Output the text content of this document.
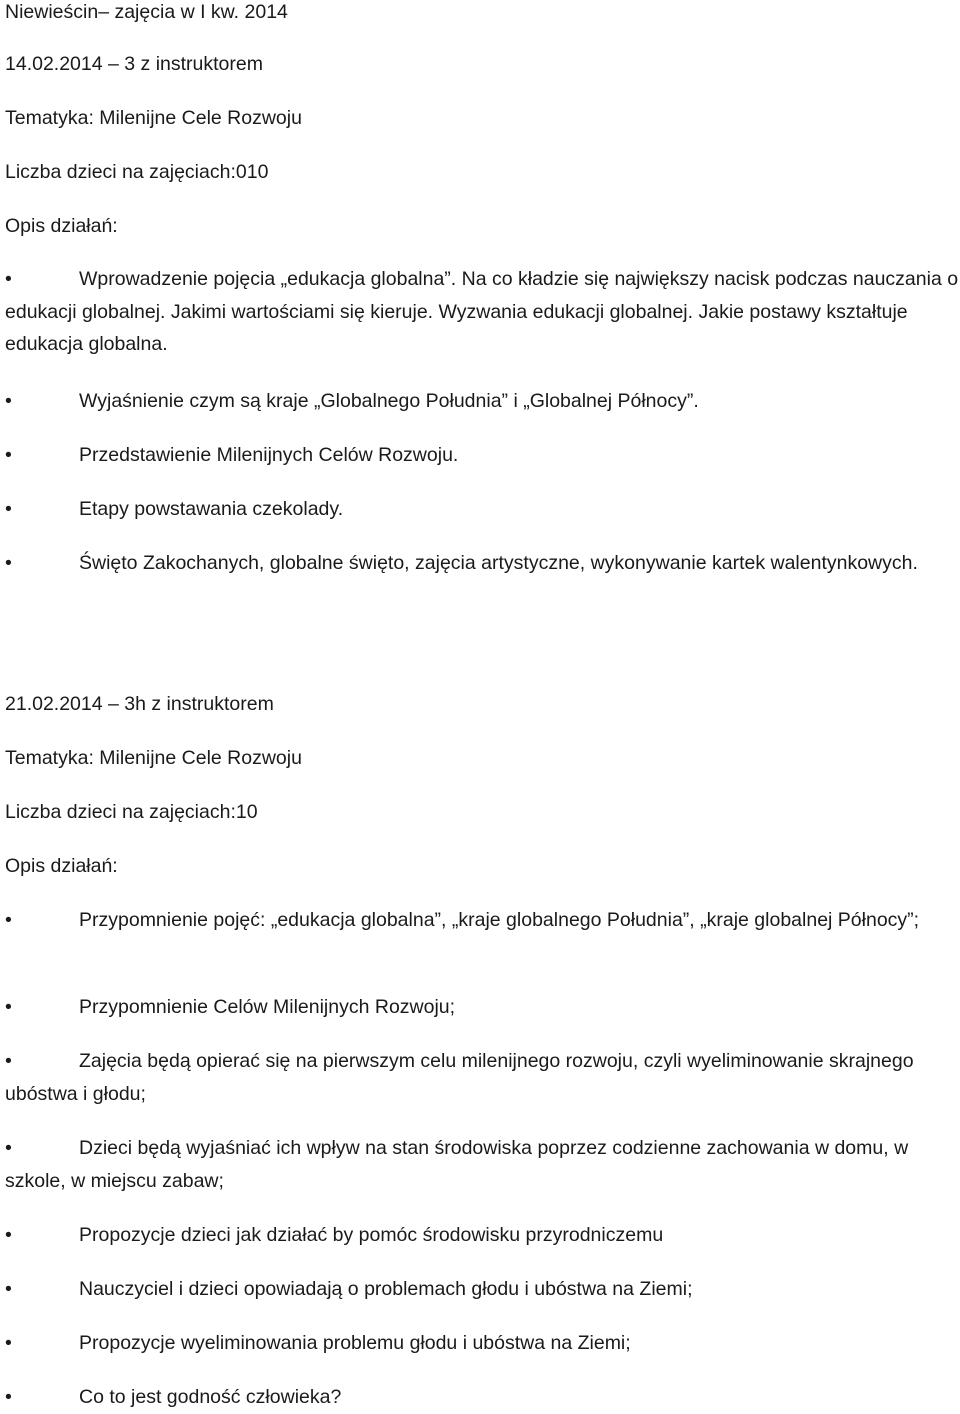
Niewieścin– zajęcia w I kw. 2014
14.02.2014 – 3 z instruktorem
Tematyka: Milenijne Cele Rozwoju
Liczba dzieci na zajęciach:010
Opis działań:
•	Wprowadzenie pojęcia „edukacja globalna”. Na co kładzie się największy nacisk podczas nauczania o edukacji globalnej. Jakimi wartościami się kieruje. Wyzwania edukacji globalnej. Jakie postawy kształtuje edukacja globalna.
•	Wyjaśnienie czym są kraje „Globalnego Południa” i „Globalnej Północy”.
•	Przedstawienie Milenijnych Celów Rozwoju.
•	Etapy powstawania czekolady.
•	Święto Zakochanych, globalne święto, zajęcia artystyczne, wykonywanie kartek walentynkowych.
21.02.2014 – 3h z instruktorem
Tematyka: Milenijne Cele Rozwoju
Liczba dzieci na zajęciach:10
Opis działań:
•	Przypomnienie pojęć: „edukacja globalna”, „kraje globalnego Południa”, „kraje globalnej Północy”;
•	Przypomnienie Celów Milenijnych Rozwoju;
•	Zajęcia będą opierać się na pierwszym celu milenijnego rozwoju, czyli wyeliminowanie skrajnego ubóstwa i głodu;
•	Dzieci będą wyjaśniać ich wpływ na stan środowiska poprzez codzienne zachowania w domu, w szkole, w miejscu zabaw;
•	Propozycje dzieci jak działać by pomóc środowisku przyrodniczemu
•	Nauczyciel i dzieci opowiadają o problemach głodu i ubóstwa na Ziemi;
•	Propozycje wyeliminowania problemu głodu i ubóstwa na Ziemi;
•	Co to jest godność człowieka?
